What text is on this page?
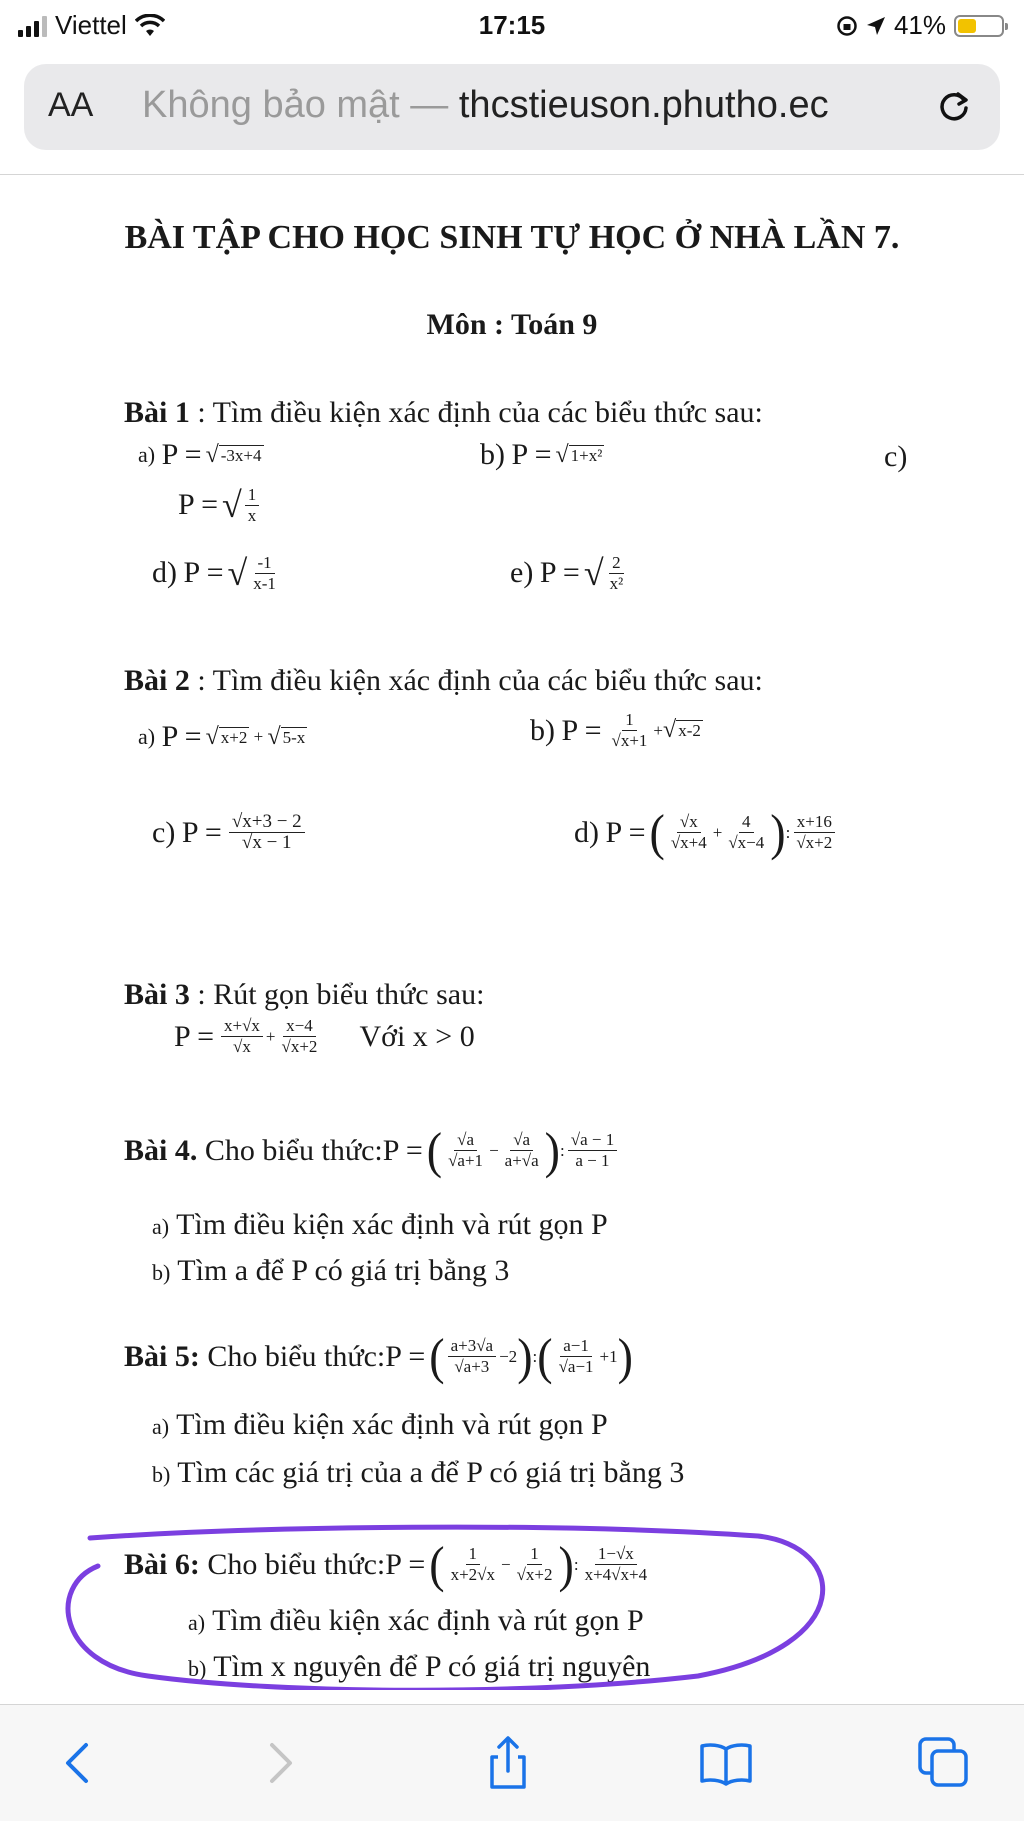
Viettel	17:15	41%
AA Không bảo mật — thcstieuson.phutho.ec
BÀI TẬP CHO HỌC SINH TỰ HỌC Ở NHÀ LẦN 7.
Môn : Toán 9
Bài 1 : Tìm điều kiện xác định của các biểu thức sau:
a)
P = √ -3x+4	b)
P = √ 1+x²	c)
P = √ $\frac{1}{x}$
d)
P = √ $\frac{-1}{x-1}$	e)
P = √ $\frac{2}{\text{x²}}$
Bài 2 : Tìm điều kiện xác định của các biểu thức sau:
a)
P = √ x+2 + √ 5-x	b)
$P = \frac{1}{√x+1}$ + √ x-2
c)
$P = \frac{√x+3 - 2}{√x - 1}$	d)
P = ( $\frac{√x}{√x+4} + \frac{4}{√x-4}$ ) : $\frac{x+16}{√x+2}$
Bài 3 : Rút gọn biểu thức sau:
$P = \frac{x+√x}{√x} + \frac{x-4}{√x+2}$ Với x > 0
Bài 4. Cho biểu thức: P = ( $\frac{√a}{√a+1} - \frac{√a}{a+√a}$ ) : $\frac{√a - 1}{a - 1}$
a) Tìm điều kiện xác định và rút gọn P
b) Tìm a để P có giá trị bằng 3
Bài 5: Cho biểu thức: P = ( $\frac{a+3√a}{√a+3} -2$ ) : ( $\frac{a-1}{√a-1} +1$ )
a) Tìm điều kiện xác định và rút gọn P
b) Tìm các giá trị của a để P có giá trị bằng 3
Bài 6: Cho biểu thức: P = ( $\frac{1}{x+2√x} - \frac{1}{√x+2}$ ) : $\frac{1-√x}{x+4√x+4}$
a) Tìm điều kiện xác định và rút gọn P
b) Tìm x nguyên để P có giá trị nguyên
